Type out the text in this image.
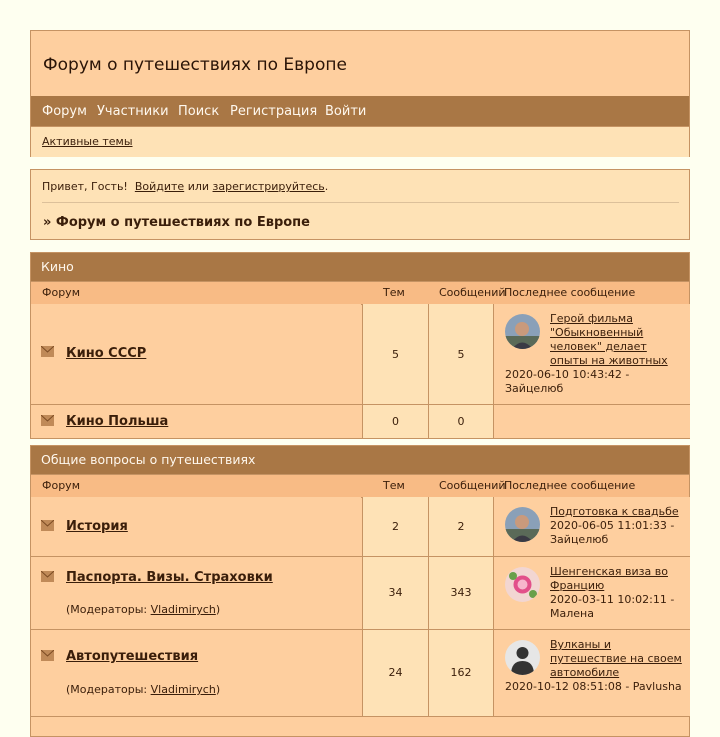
Форум о путешествиях по Европе
Форум Участники Поиск Регистрация Войти
Активные темы
Привет, Гость! Войдите или зарегистрируйтесь.
» Форум о путешествиях по Европе
Кино
Форум	Тем	Сообщений
Последнее сообщение
Кино СССР	5	5
Герой фильма "Обыкновенный человек" делает опыты на животных
2020-06-10 10:43:42 - Зайцелюб
Кино Польша	0	0
Общие вопросы о путешествиях
Форум	Тем	Сообщений
Последнее сообщение
История	2	2
Подготовка к свадьбе
2020-06-05 11:01:33 - Зайцелюб
Паспорта. Визы. Страховки
(Модераторы: Vladimirych)
34	343
Шенгенская виза во Францию
2020-03-11 10:02:11 - Малена
Автопутешествия
(Модераторы: Vladimirych)
24	162
Вулканы и путешествие на своем автомобиле
2020-10-12 08:51:08 - Pavlusha
